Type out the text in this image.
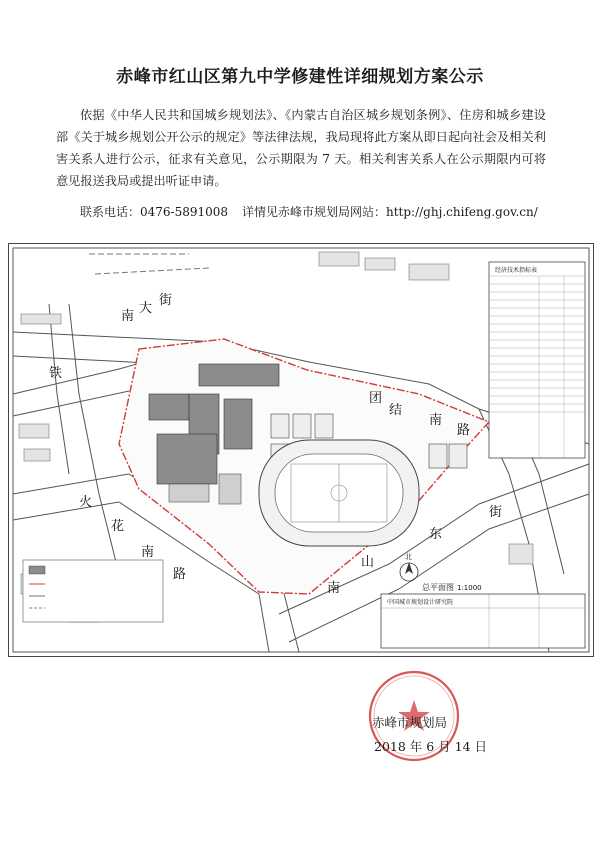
赤峰市红山区第九中学修建性详细规划方案公示
依据《中华人民共和国城乡规划法》、《内蒙古自治区城乡规划条例》、住房和城乡建设部《关于城乡规划公开公示的规定》等法律法规，我局现将此方案从即日起向社会及相关利害关系人进行公示，征求有关意见，公示期限为 7 天。相关利害关系人在公示期限内可将意见报送我局或提出听证申请。
联系电话：0476-5891008 详情见赤峰市规划局网站：http://ghj.chifeng.gov.cn/
南
大
街
铁
团
结
南
路
火
花
南
路
东
山
南
街
经济技术指标表
北
总平面图 1:1000
中国城市规划设计研究院
赤峰市规划局
2018 年 6 月 14 日
